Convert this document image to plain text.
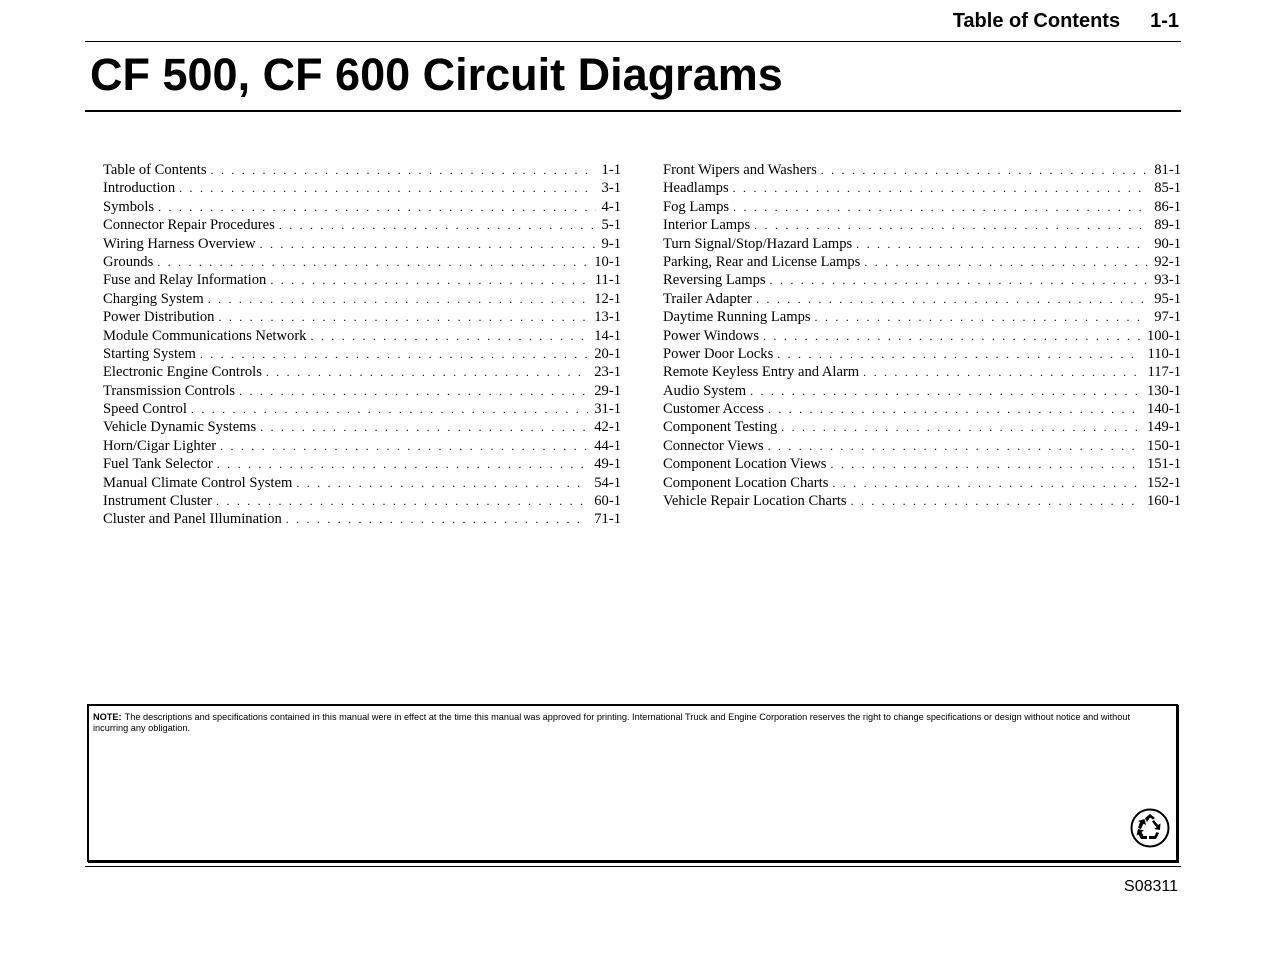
Table of Contents 1-1
CF 500, CF 600 Circuit Diagrams
Table of Contents . . .	1-1
Introduction . . .	3-1
Symbols . . .	4-1
Connector Repair Procedures . . .	5-1
Wiring Harness Overview . . .	9-1
Grounds . . .	10-1
Fuse and Relay Information . . .	11-1
Charging System . . .	12-1
Power Distribution . . .	13-1
Module Communications Network . . .	14-1
Starting System . . .	20-1
Electronic Engine Controls . . .	23-1
Transmission Controls . . .	29-1
Speed Control . . .	31-1
Vehicle Dynamic Systems . . .	42-1
Horn/Cigar Lighter . . .	44-1
Fuel Tank Selector . . .	49-1
Manual Climate Control System . . .	54-1
Instrument Cluster . . .	60-1
Cluster and Panel Illumination . . .	71-1
Front Wipers and Washers . . .	81-1
Headlamps . . .	85-1
Fog Lamps . . .	86-1
Interior Lamps . . .	89-1
Turn Signal/Stop/Hazard Lamps . . .	90-1
Parking, Rear and License Lamps . . .	92-1
Reversing Lamps . . .	93-1
Trailer Adapter . . .	95-1
Daytime Running Lamps . . .	97-1
Power Windows . . .	100-1
Power Door Locks . . .	110-1
Remote Keyless Entry and Alarm . . .	117-1
Audio System . . .	130-1
Customer Access . . .	140-1
Component Testing . . .	149-1
Connector Views . . .	150-1
Component Location Views . . .	151-1
Component Location Charts . . .	152-1
Vehicle Repair Location Charts . . .	160-1

NOTE: The descriptions and specifications contained in this manual were in effect at the time this manual was approved for printing. International Truck and Engine Corporation reserves the right to change specifications or design without notice and without incurring any obligation.

S08311
